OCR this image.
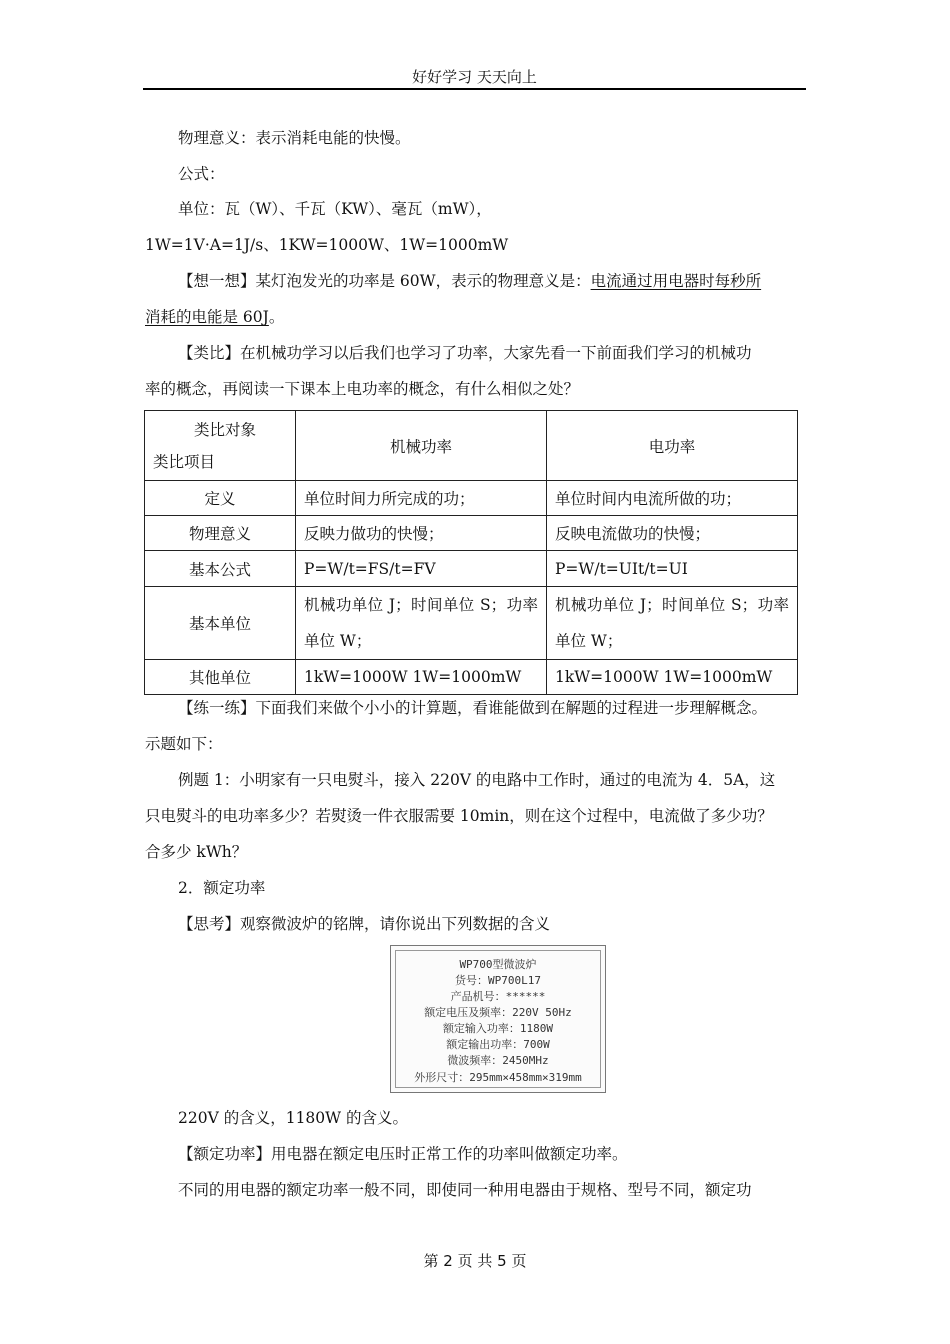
好好学习 天天向上
物理意义：表示消耗电能的快慢。
公式：
单位：瓦（W）、千瓦（KW）、毫瓦（mW），
1W=1V·A=1J/s、1KW=1000W、1W=1000mW
【想一想】某灯泡发光的功率是 60W，表示的物理意义是：电流通过用电器时每秒所
消耗的电能是 60J。
【类比】在机械功学习以后我们也学习了功率，大家先看一下前面我们学习的机械功
率的概念，再阅读一下课本上电功率的概念，有什么相似之处？
类比对象
类比项目	机械功率	电功率
定义	单位时间力所完成的功；	单位时间内电流所做的功；
物理意义	反映力做功的快慢；	反映电流做功的快慢；
基本公式	P=W/t=FS/t=FV	P=W/t=UIt/t=UI
基本单位	机械功单位 J；时间单位 S；功率单位 W；	机械功单位 J；时间单位 S；功率单位 W；
其他单位	1kW=1000W 1W=1000mW	1kW=1000W 1W=1000mW
【练一练】下面我们来做个小小的计算题，看谁能做到在解题的过程进一步理解概念。
示题如下：
例题 1：小明家有一只电熨斗，接入 220V 的电路中工作时，通过的电流为 4．5A，这
只电熨斗的电功率多少？若熨烫一件衣服需要 10min，则在这个过程中，电流做了多少功？
合多少 kWh？
2．额定功率
【思考】观察微波炉的铭牌，请你说出下列数据的含义
WP700型微波炉
货号：WP700L17
产品机号：******
额定电压及频率：220V 50Hz
额定输入功率：1180W
额定输出功率：700W
微波频率：2450MHz
外形尺寸：295mm×458mm×319mm
220V 的含义，1180W 的含义。
【额定功率】用电器在额定电压时正常工作的功率叫做额定功率。
不同的用电器的额定功率一般不同，即使同一种用电器由于规格、型号不同，额定功
第 2 页 共 5 页
